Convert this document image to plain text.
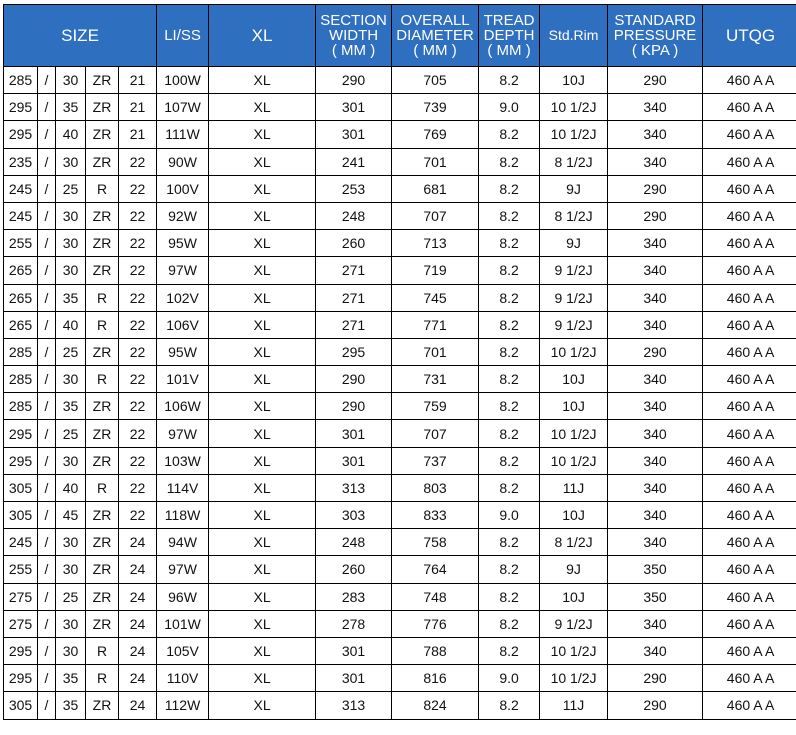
SIZE					LI/SS	XL	SECTION
WIDTH
( MM )	OVERALL
DIAMETER
( MM )	TREAD
DEPTH
( MM )	Std.Rim	STANDARD
PRESSURE
( KPA )	UTQG
285	/	30	ZR	21	100W	XL	290	705	8.2	10J	290	460 A A
295	/	35	ZR	21	107W	XL	301	739	9.0	10 1/2J	340	460 A A
295	/	40	ZR	21	111W	XL	301	769	8.2	10 1/2J	340	460 A A
235	/	30	ZR	22	90W	XL	241	701	8.2	8 1/2J	340	460 A A
245	/	25	R	22	100V	XL	253	681	8.2	9J	290	460 A A
245	/	30	ZR	22	92W	XL	248	707	8.2	8 1/2J	290	460 A A
255	/	30	ZR	22	95W	XL	260	713	8.2	9J	340	460 A A
265	/	30	ZR	22	97W	XL	271	719	8.2	9 1/2J	340	460 A A
265	/	35	R	22	102V	XL	271	745	8.2	9 1/2J	340	460 A A
265	/	40	R	22	106V	XL	271	771	8.2	9 1/2J	340	460 A A
285	/	25	ZR	22	95W	XL	295	701	8.2	10 1/2J	290	460 A A
285	/	30	R	22	101V	XL	290	731	8.2	10J	340	460 A A
285	/	35	ZR	22	106W	XL	290	759	8.2	10J	340	460 A A
295	/	25	ZR	22	97W	XL	301	707	8.2	10 1/2J	340	460 A A
295	/	30	ZR	22	103W	XL	301	737	8.2	10 1/2J	340	460 A A
305	/	40	R	22	114V	XL	313	803	8.2	11J	340	460 A A
305	/	45	ZR	22	118W	XL	303	833	9.0	10J	340	460 A A
245	/	30	ZR	24	94W	XL	248	758	8.2	8 1/2J	340	460 A A
255	/	30	ZR	24	97W	XL	260	764	8.2	9J	350	460 A A
275	/	25	ZR	24	96W	XL	283	748	8.2	10J	350	460 A A
275	/	30	ZR	24	101W	XL	278	776	8.2	9 1/2J	340	460 A A
295	/	30	R	24	105V	XL	301	788	8.2	10 1/2J	340	460 A A
295	/	35	R	24	110V	XL	301	816	9.0	10 1/2J	290	460 A A
305	/	35	ZR	24	112W	XL	313	824	8.2	11J	290	460 A A
